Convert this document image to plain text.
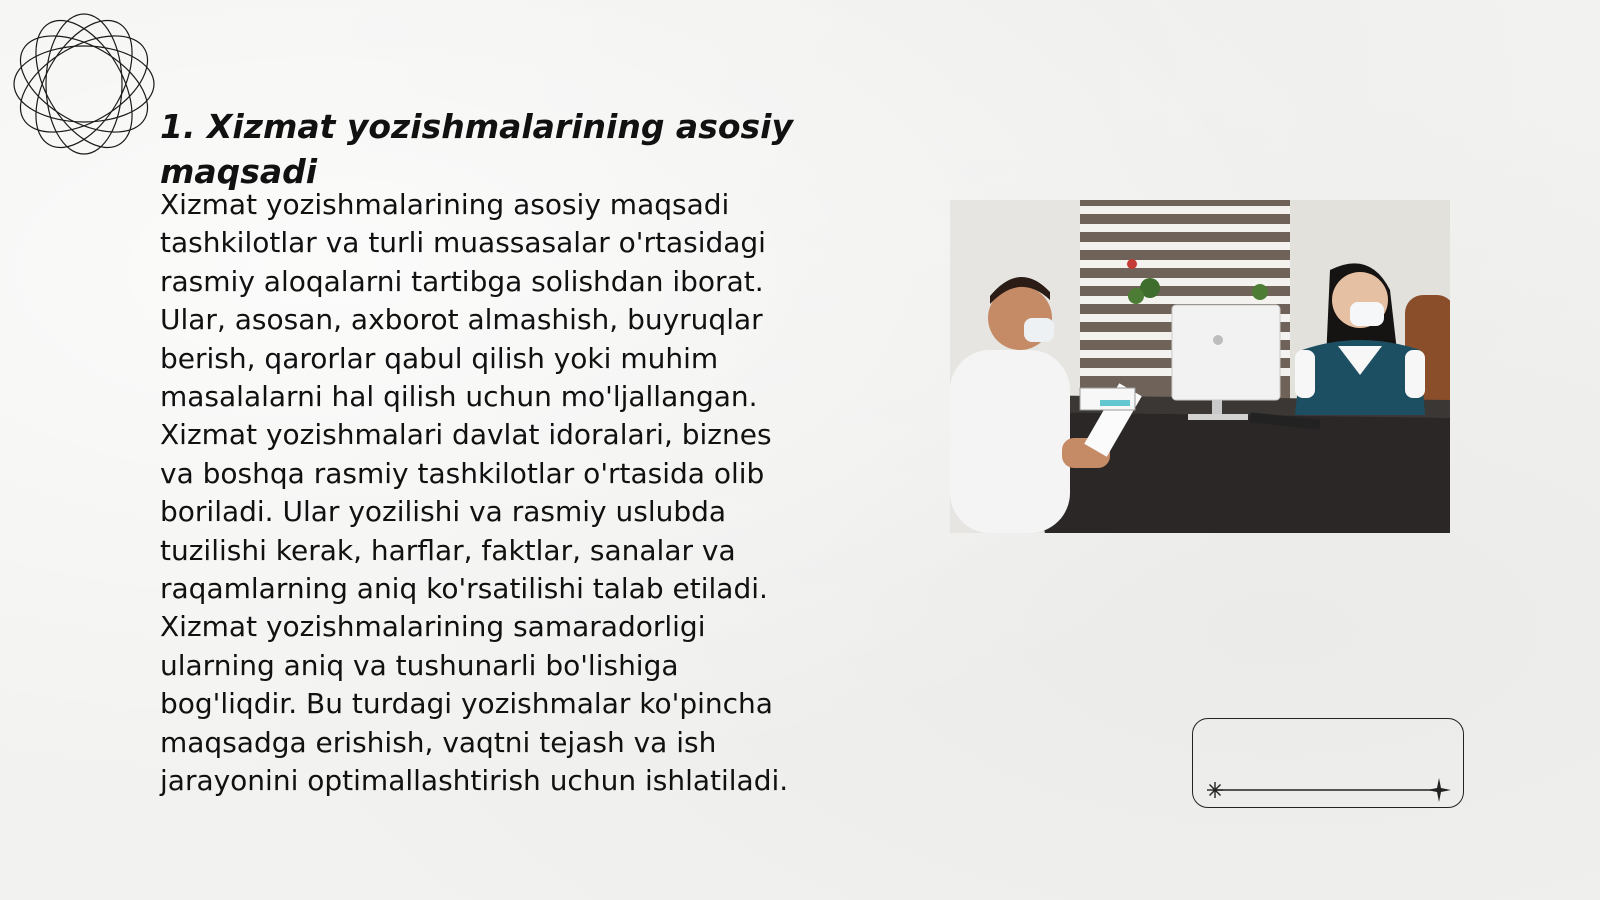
1. Xizmat yozishmalarining asosiy
maqsadi
Xizmat yozishmalarining asosiy maqsadi
tashkilotlar va turli muassasalar o'rtasidagi
rasmiy aloqalarni tartibga solishdan iborat.
Ular, asosan, axborot almashish, buyruqlar
berish, qarorlar qabul qilish yoki muhim
masalalarni hal qilish uchun mo'ljallangan.
Xizmat yozishmalari davlat idoralari, biznes
va boshqa rasmiy tashkilotlar o'rtasida olib
boriladi. Ular yozilishi va rasmiy uslubda
tuzilishi kerak, harflar, faktlar, sanalar va
raqamlarning aniq ko'rsatilishi talab etiladi.
Xizmat yozishmalarining samaradorligi
ularning aniq va tushunarli bo'lishiga
bog'liqdir. Bu turdagi yozishmalar ko'pincha
maqsadga erishish, vaqtni tejash va ish
jarayonini optimallashtirish uchun ishlatiladi.
